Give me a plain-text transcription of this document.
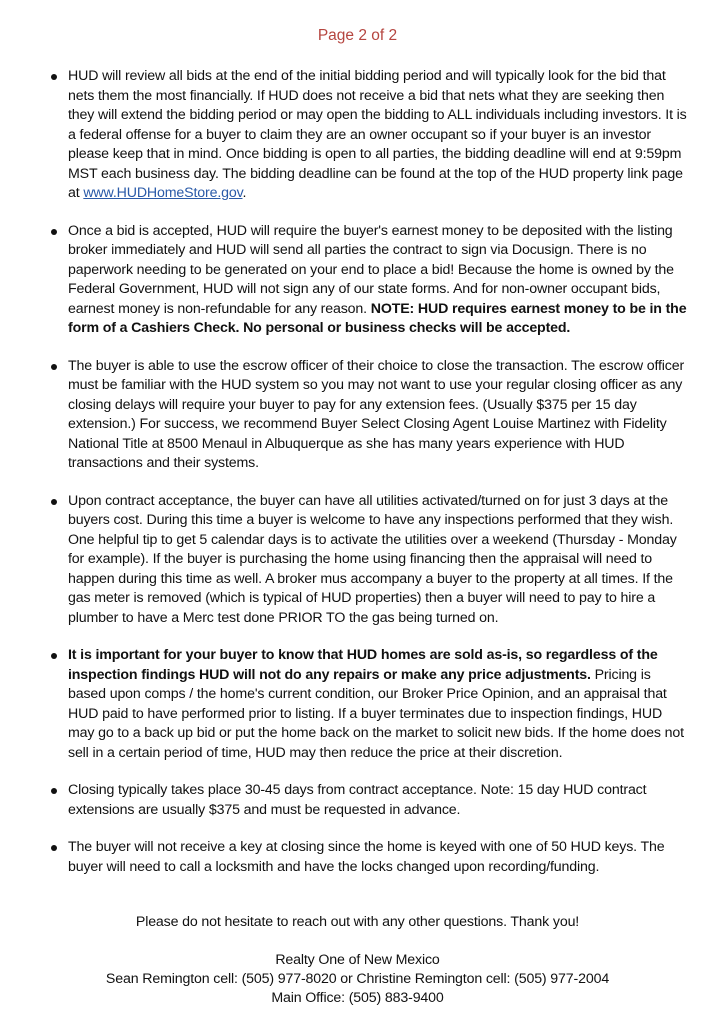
Page 2 of 2
HUD will review all bids at the end of the initial bidding period and will typically look for the bid that nets them the most financially. If HUD does not receive a bid that nets what they are seeking then they will extend the bidding period or may open the bidding to ALL individuals including investors. It is a federal offense for a buyer to claim they are an owner occupant so if your buyer is an investor please keep that in mind. Once bidding is open to all parties, the bidding deadline will end at 9:59pm MST each business day. The bidding deadline can be found at the top of the HUD property link page at www.HUDHomeStore.gov.
Once a bid is accepted, HUD will require the buyer's earnest money to be deposited with the listing broker immediately and HUD will send all parties the contract to sign via Docusign. There is no paperwork needing to be generated on your end to place a bid! Because the home is owned by the Federal Government, HUD will not sign any of our state forms. And for non-owner occupant bids, earnest money is non-refundable for any reason. NOTE: HUD requires earnest money to be in the form of a Cashiers Check. No personal or business checks will be accepted.
The buyer is able to use the escrow officer of their choice to close the transaction. The escrow officer must be familiar with the HUD system so you may not want to use your regular closing officer as any closing delays will require your buyer to pay for any extension fees. (Usually $375 per 15 day extension.) For success, we recommend Buyer Select Closing Agent Louise Martinez with Fidelity National Title at 8500 Menaul in Albuquerque as she has many years experience with HUD transactions and their systems.
Upon contract acceptance, the buyer can have all utilities activated/turned on for just 3 days at the buyers cost. During this time a buyer is welcome to have any inspections performed that they wish. One helpful tip to get 5 calendar days is to activate the utilities over a weekend (Thursday - Monday for example). If the buyer is purchasing the home using financing then the appraisal will need to happen during this time as well. A broker mus accompany a buyer to the property at all times. If the gas meter is removed (which is typical of HUD properties) then a buyer will need to pay to hire a plumber to have a Merc test done PRIOR TO the gas being turned on.
It is important for your buyer to know that HUD homes are sold as-is, so regardless of the inspection findings HUD will not do any repairs or make any price adjustments. Pricing is based upon comps / the home's current condition, our Broker Price Opinion, and an appraisal that HUD paid to have performed prior to listing. If a buyer terminates due to inspection findings, HUD may go to a back up bid or put the home back on the market to solicit new bids. If the home does not sell in a certain period of time, HUD may then reduce the price at their discretion.
Closing typically takes place 30-45 days from contract acceptance. Note: 15 day HUD contract extensions are usually $375 and must be requested in advance.
The buyer will not receive a key at closing since the home is keyed with one of 50 HUD keys. The buyer will need to call a locksmith and have the locks changed upon recording/funding.
Please do not hesitate to reach out with any other questions. Thank you!
Realty One of New Mexico
Sean Remington cell: (505) 977-8020 or Christine Remington cell: (505) 977-2004
Main Office: (505) 883-9400
